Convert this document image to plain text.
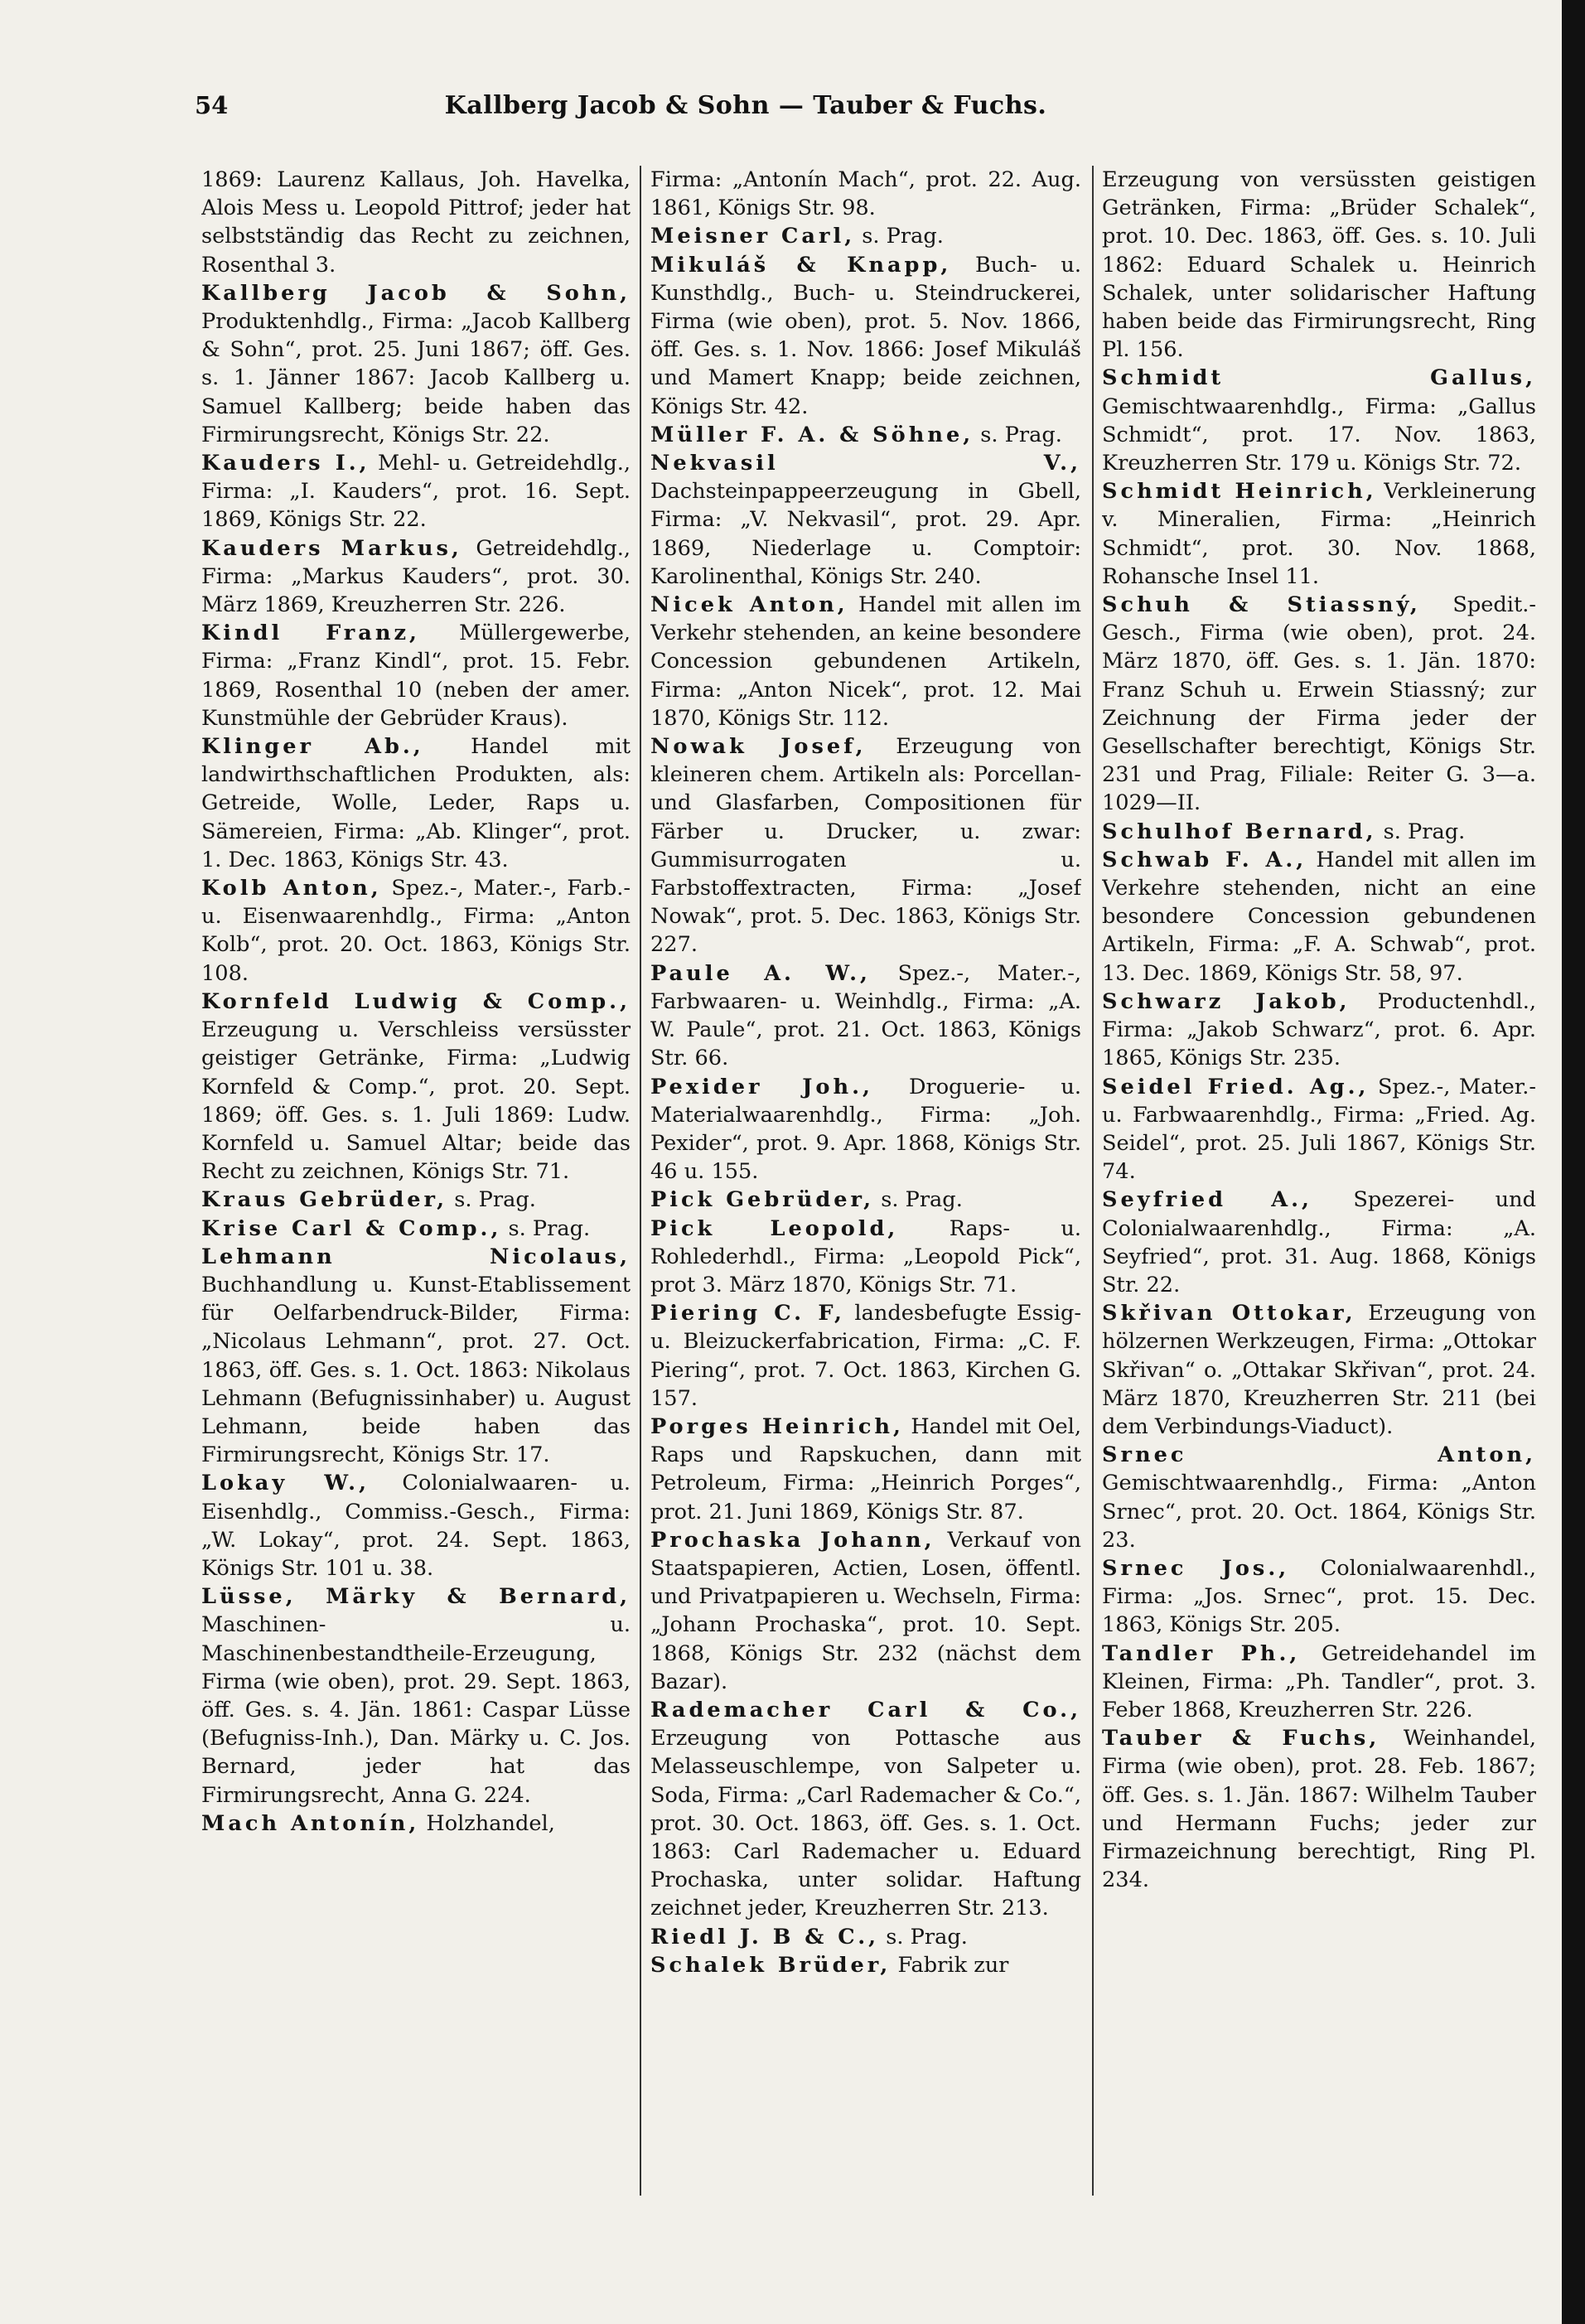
54	Kallberg Jacob & Sohn — Tauber & Fuchs.

1869: Laurenz Kallaus, Joh. Havelka, Alois Mess u. Leopold Pittrof; jeder hat selbstständig das Recht zu zeichnen, Rosenthal 3.

Kallberg Jacob & Sohn, Produktenhdlg., Firma: „Jacob Kallberg & Sohn“, prot. 25. Juni 1867; öff. Ges. s. 1. Jänner 1867: Jacob Kallberg u. Samuel Kallberg; beide haben das Firmirungsrecht, Königs Str. 22.

Kauders I., Mehl- u. Getreidehdlg., Firma: „I. Kauders“, prot. 16. Sept. 1869, Königs Str. 22.

Kauders Markus, Getreidehdlg., Firma: „Markus Kauders“, prot. 30. März 1869, Kreuzherren Str. 226.

Kindl Franz, Müllergewerbe, Firma: „Franz Kindl“, prot. 15. Febr. 1869, Rosenthal 10 (neben der amer. Kunstmühle der Gebrüder Kraus).

Klinger Ab., Handel mit landwirthschaftlichen Produkten, als: Getreide, Wolle, Leder, Raps u. Sämereien, Firma: „Ab. Klinger“, prot. 1. Dec. 1863, Königs Str. 43.

Kolb Anton, Spez.-, Mater.-, Farb.- u. Eisenwaarenhdlg., Firma: „Anton Kolb“, prot. 20. Oct. 1863, Königs Str. 108.

Kornfeld Ludwig & Comp., Erzeugung u. Verschleiss versüsster geistiger Getränke, Firma: „Ludwig Kornfeld & Comp.“, prot. 20. Sept. 1869; öff. Ges. s. 1. Juli 1869: Ludw. Kornfeld u. Samuel Altar; beide das Recht zu zeichnen, Königs Str. 71.

Kraus Gebrüder, s. Prag.

Krise Carl & Comp., s. Prag.

Lehmann Nicolaus, Buchhandlung u. Kunst-Etablissement für Oelfarbendruck-Bilder, Firma: „Nicolaus Lehmann“, prot. 27. Oct. 1863, öff. Ges. s. 1. Oct. 1863: Nikolaus Lehmann (Befugnissinhaber) u. August Lehmann, beide haben das Firmirungsrecht, Königs Str. 17.

Lokay W., Colonialwaaren- u. Eisenhdlg., Commiss.-Gesch., Firma: „W. Lokay“, prot. 24. Sept. 1863, Königs Str. 101 u. 38.

Lüsse, Märky & Bernard, Maschinen- u. Maschinenbestandtheile-Erzeugung, Firma (wie oben), prot. 29. Sept. 1863, öff. Ges. s. 4. Jän. 1861: Caspar Lüsse (Befugniss-Inh.), Dan. Märky u. C. Jos. Bernard, jeder hat das Firmirungsrecht, Anna G. 224.

Mach Antonín, Holzhandel,

Firma: „Antonín Mach“, prot. 22. Aug. 1861, Königs Str. 98.

Meisner Carl, s. Prag.

Mikuláš & Knapp, Buch- u. Kunsthdlg., Buch- u. Steindruckerei, Firma (wie oben), prot. 5. Nov. 1866, öff. Ges. s. 1. Nov. 1866: Josef Mikuláš und Mamert Knapp; beide zeichnen, Königs Str. 42.

Müller F. A. & Söhne, s. Prag.

Nekvasil V., Dachsteinpappeerzeugung in Gbell, Firma: „V. Nekvasil“, prot. 29. Apr. 1869, Niederlage u. Comptoir: Karolinenthal, Königs Str. 240.

Nicek Anton, Handel mit allen im Verkehr stehenden, an keine besondere Concession gebundenen Artikeln, Firma: „Anton Nicek“, prot. 12. Mai 1870, Königs Str. 112.

Nowak Josef, Erzeugung von kleineren chem. Artikeln als: Porcellan- und Glasfarben, Compositionen für Färber u. Drucker, u. zwar: Gummisurrogaten u. Farbstoffextracten, Firma: „Josef Nowak“, prot. 5. Dec. 1863, Königs Str. 227.

Paule A. W., Spez.-, Mater.-, Farbwaaren- u. Weinhdlg., Firma: „A. W. Paule“, prot. 21. Oct. 1863, Königs Str. 66.

Pexider Joh., Droguerie- u. Materialwaarenhdlg., Firma: „Joh. Pexider“, prot. 9. Apr. 1868, Königs Str. 46 u. 155.

Pick Gebrüder, s. Prag.

Pick Leopold, Raps- u. Rohlederhdl., Firma: „Leopold Pick“, prot 3. März 1870, Königs Str. 71.

Piering C. F, landesbefugte Essig- u. Bleizuckerfabrication, Firma: „C. F. Piering“, prot. 7. Oct. 1863, Kirchen G. 157.

Porges Heinrich, Handel mit Oel, Raps und Rapskuchen, dann mit Petroleum, Firma: „Heinrich Porges“, prot. 21. Juni 1869, Königs Str. 87.

Prochaska Johann, Verkauf von Staatspapieren, Actien, Losen, öffentl. und Privatpapieren u. Wechseln, Firma: „Johann Prochaska“, prot. 10. Sept. 1868, Königs Str. 232 (nächst dem Bazar).

Rademacher Carl & Co., Erzeugung von Pottasche aus Melasseuschlempe, von Salpeter u. Soda, Firma: „Carl Rademacher & Co.“, prot. 30. Oct. 1863, öff. Ges. s. 1. Oct. 1863: Carl Rademacher u. Eduard Prochaska, unter solidar. Haftung zeichnet jeder, Kreuzherren Str. 213.

Riedl J. B & C., s. Prag.

Schalek Brüder, Fabrik zur

Erzeugung von versüssten geistigen Getränken, Firma: „Brüder Schalek“, prot. 10. Dec. 1863, öff. Ges. s. 10. Juli 1862: Eduard Schalek u. Heinrich Schalek, unter solidarischer Haftung haben beide das Firmirungsrecht, Ring Pl. 156.

Schmidt Gallus, Gemischtwaarenhdlg., Firma: „Gallus Schmidt“, prot. 17. Nov. 1863, Kreuzherren Str. 179 u. Königs Str. 72.

Schmidt Heinrich, Verkleinerung v. Mineralien, Firma: „Heinrich Schmidt“, prot. 30. Nov. 1868, Rohansche Insel 11.

Schuh & Stiassný, Spedit.-Gesch., Firma (wie oben), prot. 24. März 1870, öff. Ges. s. 1. Jän. 1870: Franz Schuh u. Erwein Stiassný; zur Zeichnung der Firma jeder der Gesellschafter berechtigt, Königs Str. 231 und Prag, Filiale: Reiter G. 3—a. 1029—II.

Schulhof Bernard, s. Prag.

Schwab F. A., Handel mit allen im Verkehre stehenden, nicht an eine besondere Concession gebundenen Artikeln, Firma: „F. A. Schwab“, prot. 13. Dec. 1869, Königs Str. 58, 97.

Schwarz Jakob, Productenhdl., Firma: „Jakob Schwarz“, prot. 6. Apr. 1865, Königs Str. 235.

Seidel Fried. Ag., Spez.-, Mater.- u. Farbwaarenhdlg., Firma: „Fried. Ag. Seidel“, prot. 25. Juli 1867, Königs Str. 74.

Seyfried A., Spezerei- und Colonialwaarenhdlg., Firma: „A. Seyfried“, prot. 31. Aug. 1868, Königs Str. 22.

Skřivan Ottokar, Erzeugung von hölzernen Werkzeugen, Firma: „Ottokar Skřivan“ o. „Ottakar Skřivan“, prot. 24. März 1870, Kreuzherren Str. 211 (bei dem Verbindungs-Viaduct).

Srnec Anton, Gemischtwaarenhdlg., Firma: „Anton Srnec“, prot. 20. Oct. 1864, Königs Str. 23.

Srnec Jos., Colonialwaarenhdl., Firma: „Jos. Srnec“, prot. 15. Dec. 1863, Königs Str. 205.

Tandler Ph., Getreidehandel im Kleinen, Firma: „Ph. Tandler“, prot. 3. Feber 1868, Kreuzherren Str. 226.

Tauber & Fuchs, Weinhandel, Firma (wie oben), prot. 28. Feb. 1867; öff. Ges. s. 1. Jän. 1867: Wilhelm Tauber und Hermann Fuchs; jeder zur Firmazeichnung berechtigt, Ring Pl. 234.
